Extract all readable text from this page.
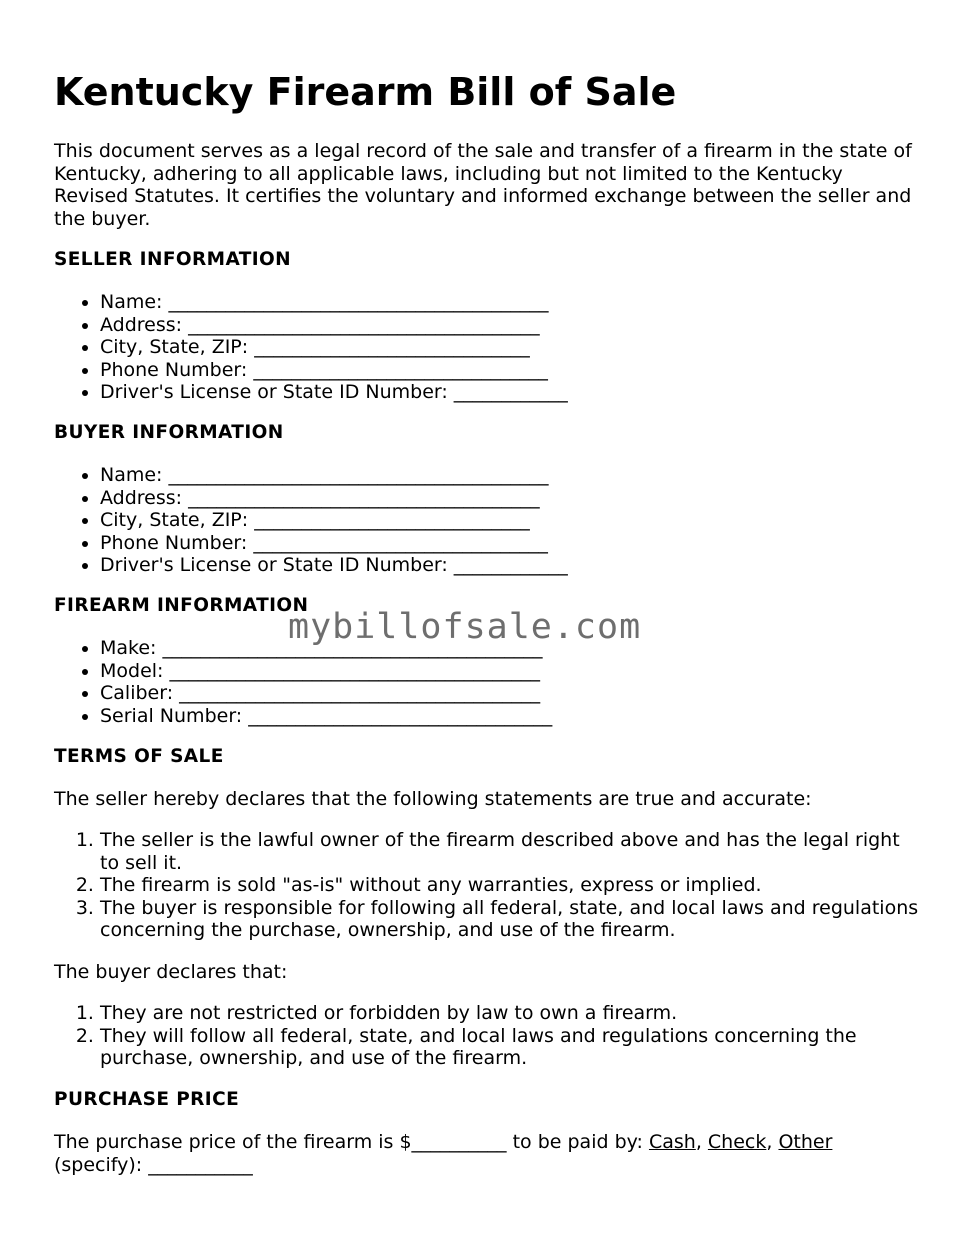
Kentucky Firearm Bill of Sale

This document serves as a legal record of the sale and transfer of a firearm in the state of Kentucky, adhering to all applicable laws, including but not limited to the Kentucky Revised Statutes. It certifies the voluntary and informed exchange between the seller and the buyer.

SELLER INFORMATION
• Name: ________________________________________
• Address: _____________________________________
• City, State, ZIP: _____________________________
• Phone Number: _______________________________
• Driver's License or State ID Number: ____________
BUYER INFORMATION
• Name: ________________________________________
• Address: _____________________________________
• City, State, ZIP: _____________________________
• Phone Number: _______________________________
• Driver's License or State ID Number: ____________
FIREARM INFORMATION
• Make: ________________________________________
• Model: _______________________________________
• Caliber: ______________________________________
• Serial Number: ________________________________
TERMS OF SALE

The seller hereby declares that the following statements are true and accurate:

1. The seller is the lawful owner of the firearm described above and has the legal right to sell it.
2. The firearm is sold "as-is" without any warranties, express or implied.
3. The buyer is responsible for following all federal, state, and local laws and regulations concerning the purchase, ownership, and use of the firearm.

The buyer declares that:

1. They are not restricted or forbidden by law to own a firearm.
2. They will follow all federal, state, and local laws and regulations concerning the purchase, ownership, and use of the firearm.
PURCHASE PRICE

The purchase price of the firearm is $__________ to be paid by: Cash, Check, Other (specify): ___________

mybillofsale.com
